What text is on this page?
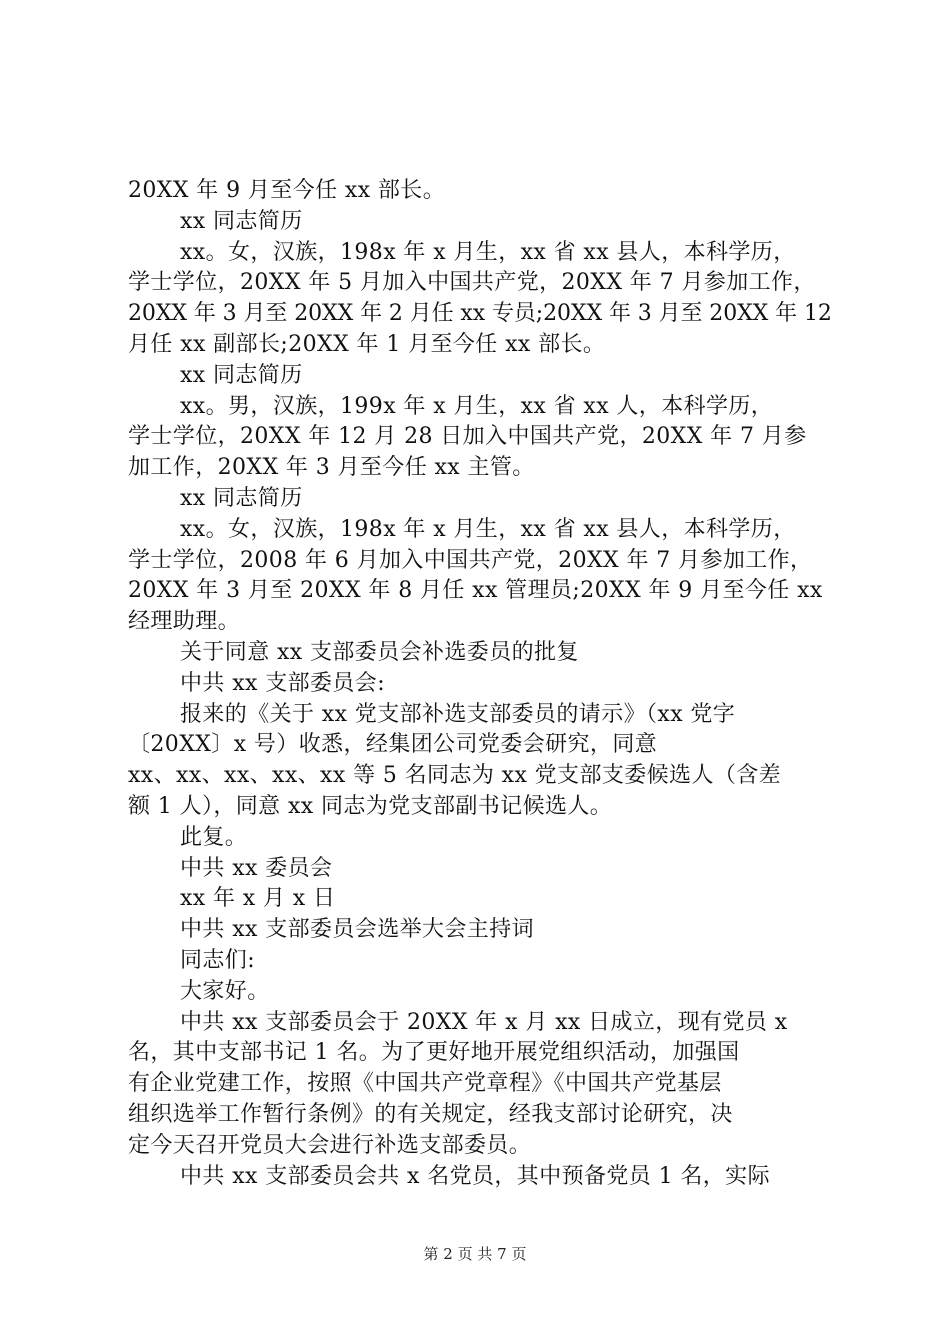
20XX 年 9 月至今任 xx 部长。
xx 同志简历
xx。女，汉族，198x 年 x 月生，xx 省 xx 县人，本科学历，
学士学位，20XX 年 5 月加入中国共产党，20XX 年 7 月参加工作，
20XX 年 3 月至 20XX 年 2 月任 xx 专员;20XX 年 3 月至 20XX 年 12
月任 xx 副部长;20XX 年 1 月至今任 xx 部长。
xx 同志简历
xx。男，汉族，199x 年 x 月生，xx 省 xx 人，本科学历，
学士学位，20XX 年 12 月 28 日加入中国共产党，20XX 年 7 月参
加工作，20XX 年 3 月至今任 xx 主管。
xx 同志简历
xx。女，汉族，198x 年 x 月生，xx 省 xx 县人，本科学历，
学士学位，2008 年 6 月加入中国共产党，20XX 年 7 月参加工作，
20XX 年 3 月至 20XX 年 8 月任 xx 管理员;20XX 年 9 月至今任 xx
经理助理。
关于同意 xx 支部委员会补选委员的批复
中共 xx 支部委员会:
报来的《关于 xx 党支部补选支部委员的请示》（xx 党字
〔20XX〕x 号）收悉，经集团公司党委会研究，同意
xx、xx、xx、xx、xx 等 5 名同志为 xx 党支部支委候选人（含差
额 1 人），同意 xx 同志为党支部副书记候选人。
此复。
中共 xx 委员会
xx 年 x 月 x 日
中共 xx 支部委员会选举大会主持词
同志们:
大家好。
中共 xx 支部委员会于 20XX 年 x 月 xx 日成立，现有党员 x
名，其中支部书记 1 名。为了更好地开展党组织活动，加强国
有企业党建工作，按照《中国共产党章程》《中国共产党基层
组织选举工作暂行条例》的有关规定，经我支部讨论研究，决
定今天召开党员大会进行补选支部委员。
中共 xx 支部委员会共 x 名党员，其中预备党员 1 名，实际
第 2 页 共 7 页
